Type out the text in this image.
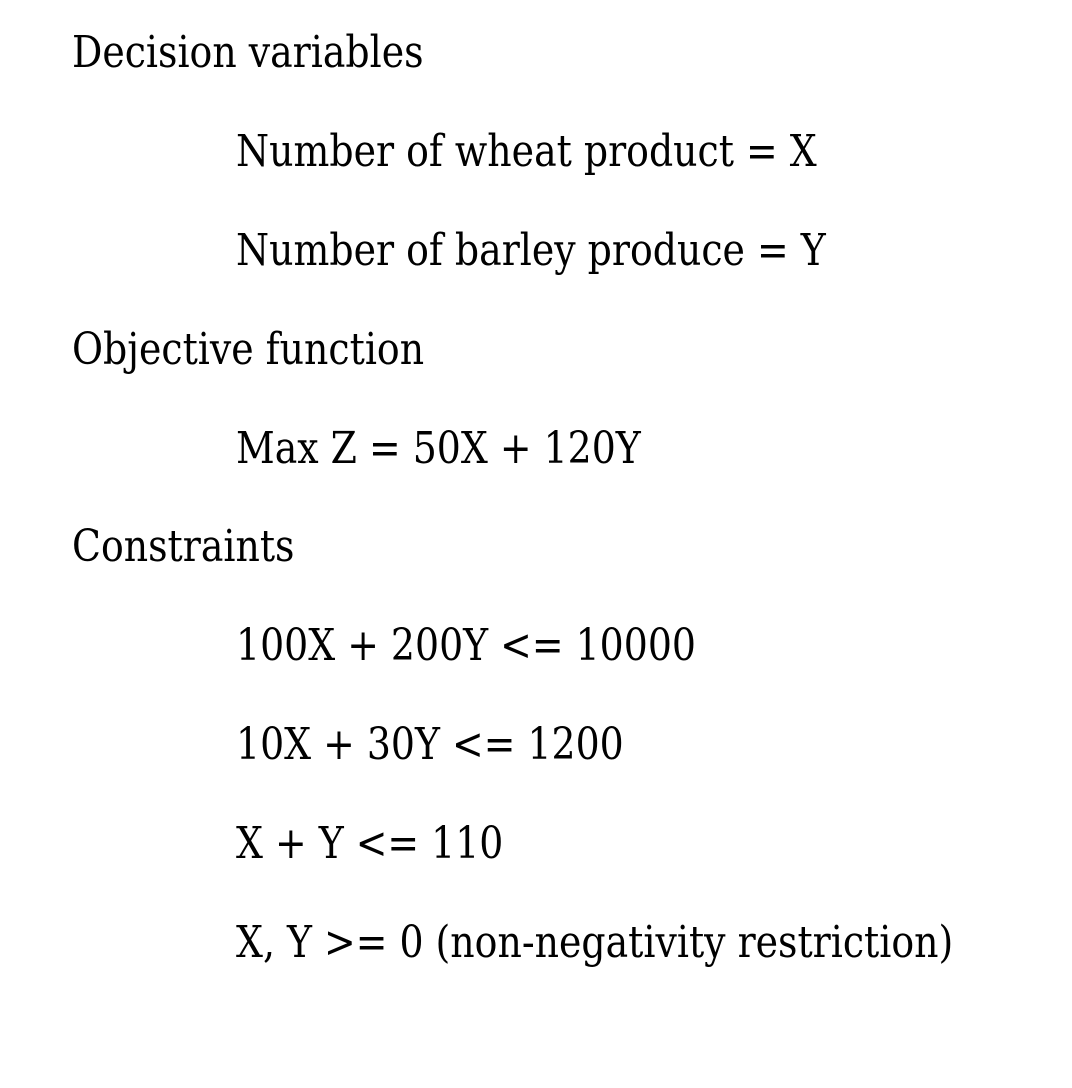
Decision variables
Number of wheat product = X
Number of barley produce = Y
Objective function
Max Z = 50X + 120Y
Constraints
100X + 200Y <= 10000
10X + 30Y <= 1200
X + Y <= 110
X, Y >= 0 (non-negativity restriction)
